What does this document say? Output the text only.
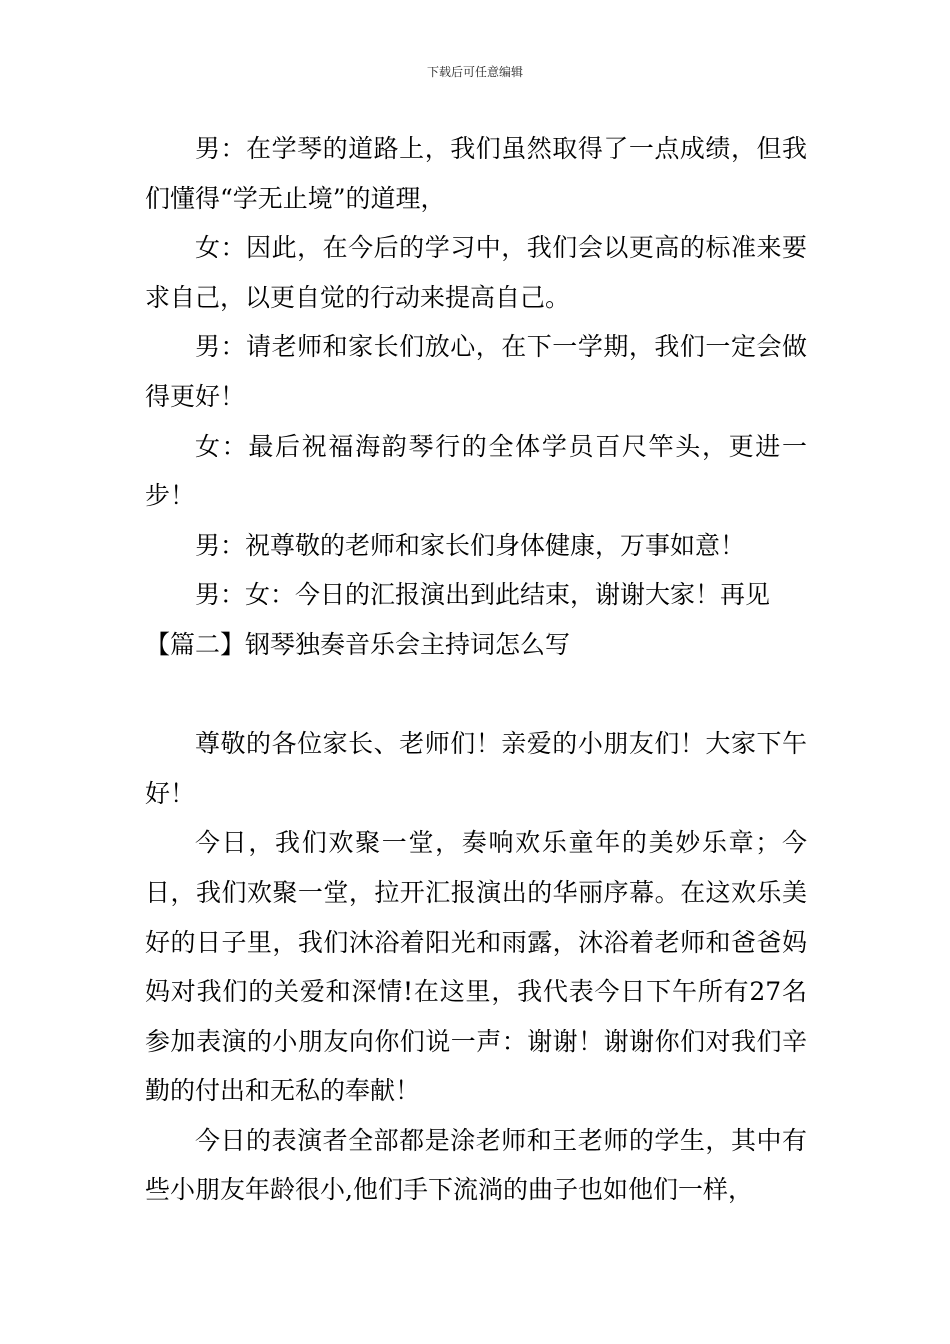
下载后可任意编辑

男：在学琴的道路上，我们虽然取得了一点成绩，但我们懂得“学无止境”的道理，

女：因此，在今后的学习中，我们会以更高的标准来要求自己，以更自觉的行动来提高自己。

男：请老师和家长们放心，在下一学期，我们一定会做得更好！

女：最后祝福海韵琴行的全体学员百尺竿头，更进一步！

男：祝尊敬的老师和家长们身体健康，万事如意！

男：女：今日的汇报演出到此结束，谢谢大家！再见

【篇二】钢琴独奏音乐会主持词怎么写

尊敬的各位家长、老师们！亲爱的小朋友们！大家下午好！

今日，我们欢聚一堂，奏响欢乐童年的美妙乐章；今日，我们欢聚一堂，拉开汇报演出的华丽序幕。在这欢乐美好的日子里，我们沐浴着阳光和雨露，沐浴着老师和爸爸妈妈对我们的关爱和深情!在这里，我代表今日下午所有27名参加表演的小朋友向你们说一声：谢谢！谢谢你们对我们辛勤的付出和无私的奉献！

今日的表演者全部都是涂老师和王老师的学生，其中有些小朋友年龄很小,他们手下流淌的曲子也如他们一样，
